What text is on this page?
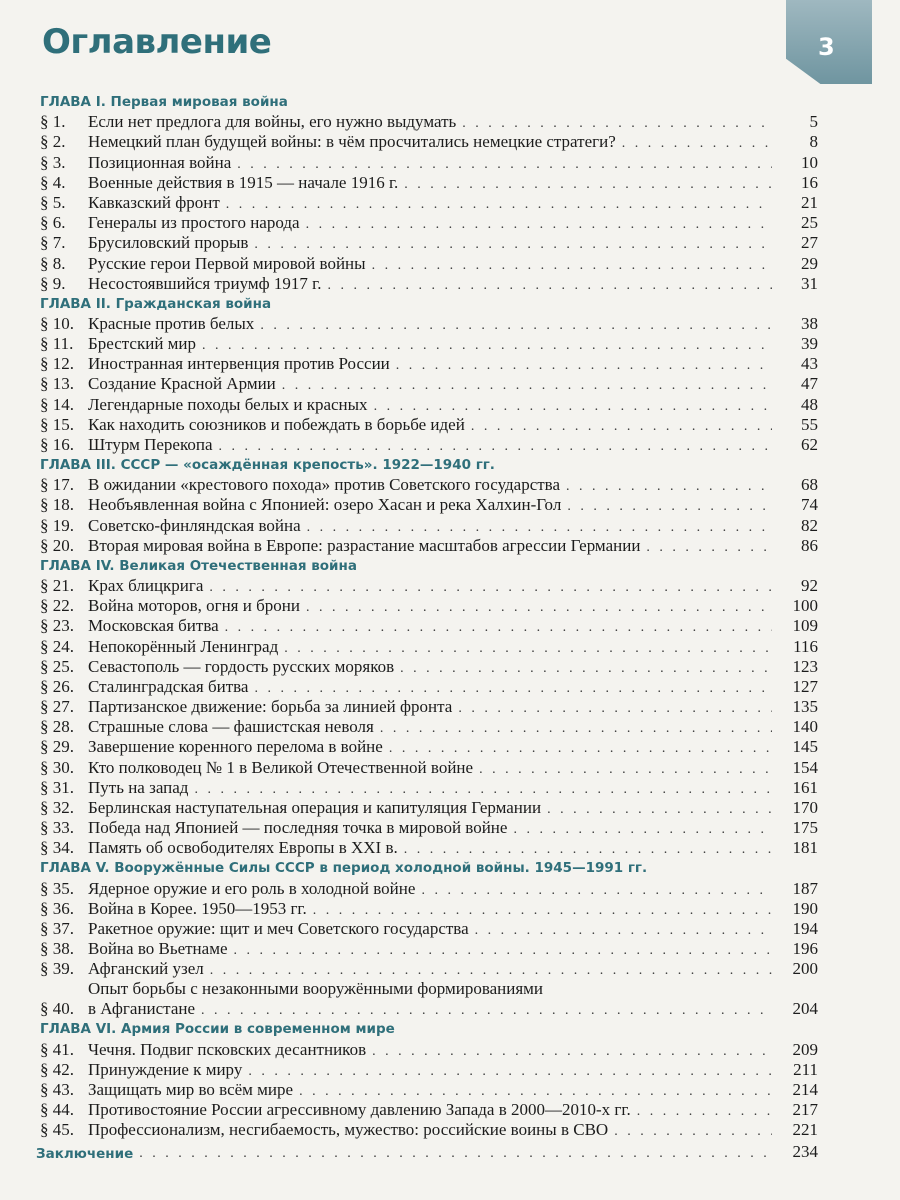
Оглавление	3
ГЛАВА I. Первая мировая война
§ 1.	Если нет предлога для войны, его нужно выдумать . . .	5
§ 2.	Немецкий план будущей войны: в чём просчитались немецкие стратеги? . . .	8
§ 3.	Позиционная война . . .	10
§ 4.	Военные действия в 1915 — начале 1916 г. . . .	16
§ 5.	Кавказский фронт . . .	21
§ 6.	Генералы из простого народа . . .	25
§ 7.	Брусиловский прорыв . . .	27
§ 8.	Русские герои Первой мировой войны . . .	29
§ 9.	Несостоявшийся триумф 1917 г. . . .	31
ГЛАВА II. Гражданская война
§ 10. Красные против белых . . .	38
§ 11. Брестский мир . . .	39
§ 12. Иностранная интервенция против России . . .	43
§ 13. Создание Красной Армии . . .	47
§ 14. Легендарные походы белых и красных . . .	48
§ 15. Как находить союзников и побеждать в борьбе идей . . .	55
§ 16. Штурм Перекопа . . .	62
ГЛАВА III. СССР — «осаждённая крепость». 1922—1940 гг.
§ 17. В ожидании «крестового похода» против Советского государства . . .	68
§ 18. Необъявленная война с Японией: озеро Хасан и река Халхин-Гол . . .	74
§ 19. Советско-финляндская война . . .	82
§ 20. Вторая мировая война в Европе: разрастание масштабов агрессии Германии . . .	86
ГЛАВА IV. Великая Отечественная война
§ 21. Крах блицкрига . . .	92
§ 22. Война моторов, огня и брони . . .	100
§ 23. Московская битва . . .	109
§ 24. Непокорённый Ленинград . . .	116
§ 25. Севастополь — гордость русских моряков . . .	123
§ 26. Сталинградская битва . . .	127
§ 27. Партизанское движение: борьба за линией фронта . . .	135
§ 28. Страшные слова — фашистская неволя . . .	140
§ 29. Завершение коренного перелома в войне . . .	145
§ 30. Кто полководец № 1 в Великой Отечественной войне . . .	154
§ 31. Путь на запад . . .	161
§ 32. Берлинская наступательная операция и капитуляция Германии . . .	170
§ 33. Победа над Японией — последняя точка в мировой войне . . .	175
§ 34. Память об освободителях Европы в XXI в. . . .	181
ГЛАВА V. Вооружённые Силы СССР в период холодной войны. 1945—1991 гг.
§ 35. Ядерное оружие и его роль в холодной войне . . .	187
§ 36. Война в Корее. 1950—1953 гг. . . .	190
§ 37. Ракетное оружие: щит и меч Советского государства . . .	194
§ 38. Война во Вьетнаме . . .	196
§ 39. Афганский узел . . .	200
§ 40.
Опыт борьбы с незаконными вооружёнными формированиями
в Афганистане . . .	204
ГЛАВА VI. Армия России в современном мире
§ 41. Чечня. Подвиг псковских десантников . . .	209
§ 42. Принуждение к миру . . .	211
§ 43. Защищать мир во всём мире . . .	214
§ 44. Противостояние России агрессивному давлению Запада в 2000—2010-х гг. . . .	217
§ 45. Профессионализм, несгибаемость, мужество: российские воины в СВО . . .	221
Заключение . . .	234
